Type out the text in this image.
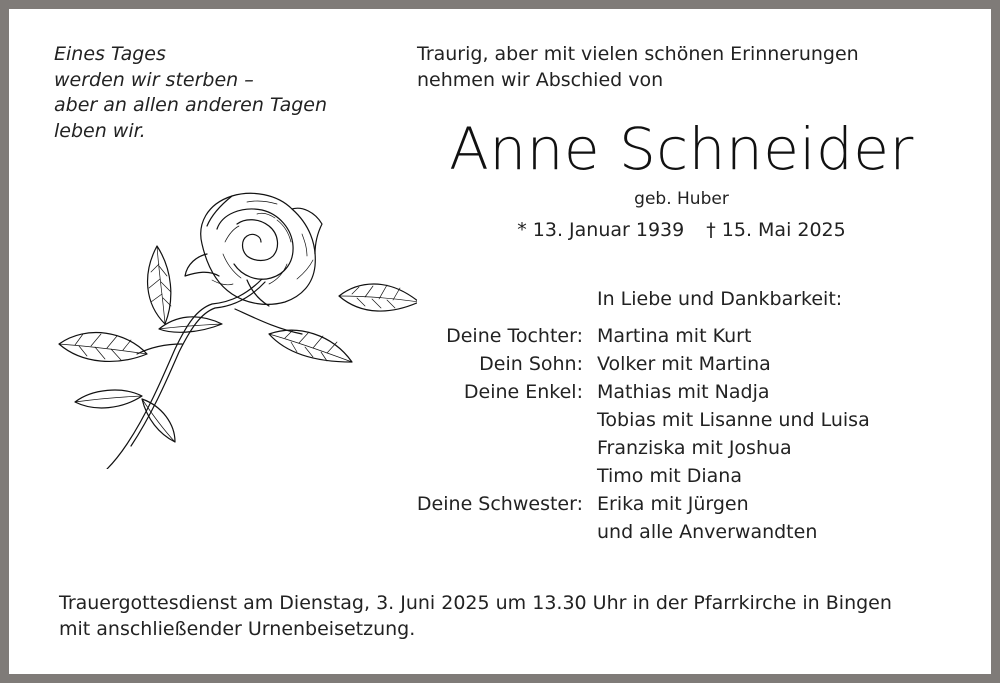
Eines Tages
werden wir sterben –
aber an allen anderen Tagen
leben wir.
Traurig, aber mit vielen schönen Erinnerungen
nehmen wir Abschied von
Anne Schneider
geb. Huber
* 13. Januar 1939 † 15. Mai 2025
In Liebe und Dankbarkeit:
Deine Tochter: Martina mit Kurt
Dein Sohn: Volker mit Martina
Deine Enkel: Mathias mit Nadja
Tobias mit Lisanne und Luisa
Franziska mit Joshua
Timo mit Diana
Deine Schwester: Erika mit Jürgen
und alle Anverwandten
Trauergottesdienst am Dienstag, 3. Juni 2025 um 13.30 Uhr in der Pfarrkirche in Bingen
mit anschließender Urnenbeisetzung.
